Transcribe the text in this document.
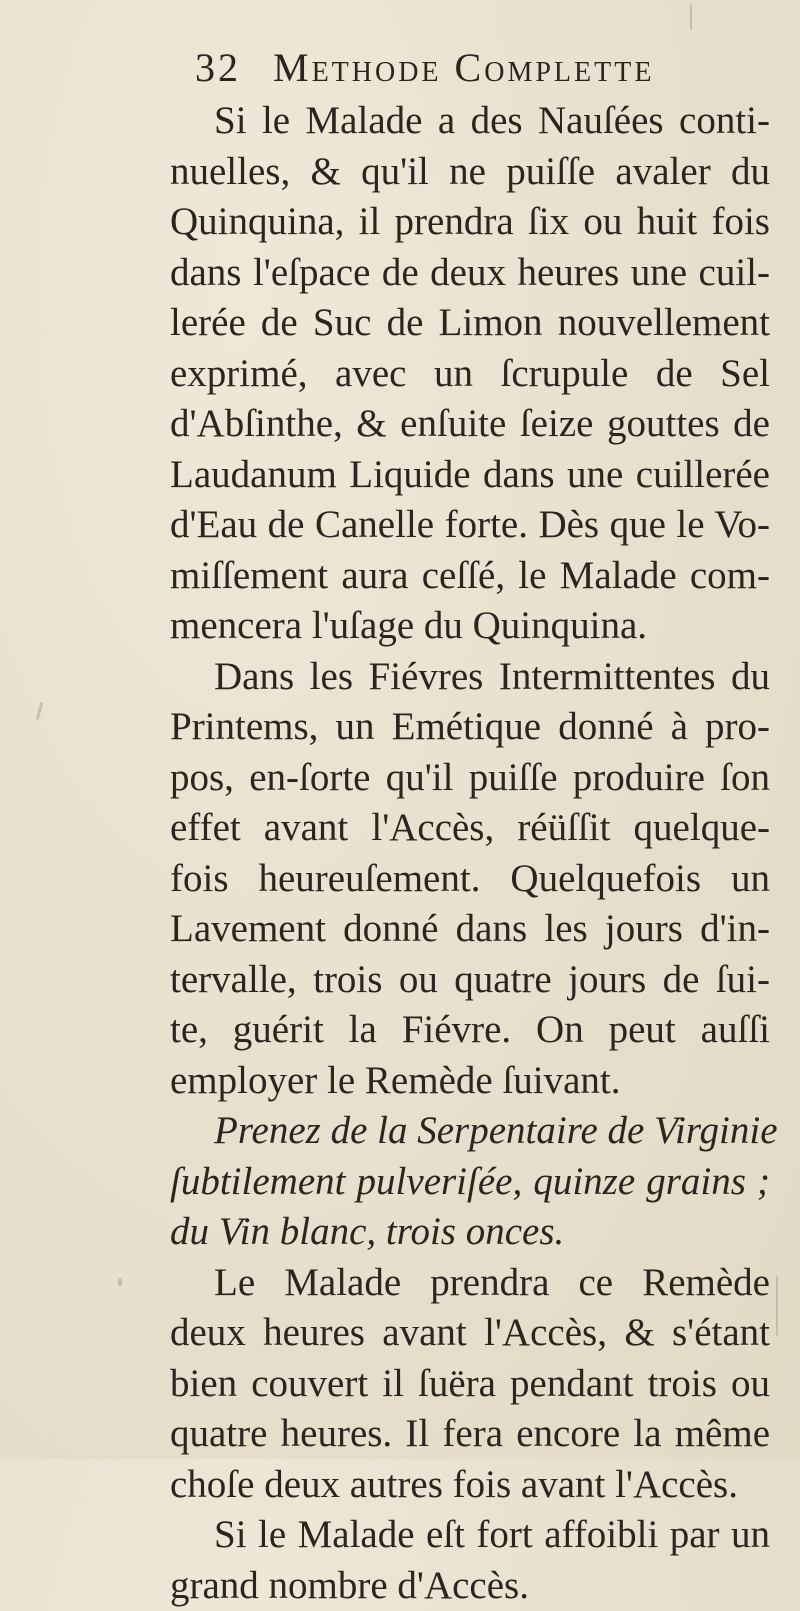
32 Methode Complette
Si le Malade a des Nauſées conti-
nuelles, & qu'il ne puiſſe avaler du
Quinquina, il prendra ſix ou huit fois
dans l'eſpace de deux heures une cuil-
lerée de Suc de Limon nouvellement
exprimé, avec un ſcrupule de Sel
d'Abſinthe, & enſuite ſeize gouttes de
Laudanum Liquide dans une cuillerée
d'Eau de Canelle forte. Dès que le Vo-
miſſement aura ceſſé, le Malade com-
mencera l'uſage du Quinquina.
Dans les Fiévres Intermittentes du
Printems, un Emétique donné à pro-
pos, en-ſorte qu'il puiſſe produire ſon
effet avant l'Accès, réüſſit quelque-
fois heureuſement. Quelquefois un
Lavement donné dans les jours d'in-
tervalle, trois ou quatre jours de ſui-
te, guérit la Fiévre. On peut auſſi
employer le Remède ſuivant.
Prenez de la Serpentaire de Virginie
ſubtilement pulveriſée, quinze grains ;
du Vin blanc, trois onces.
Le Malade prendra ce Remède
deux heures avant l'Accès, & s'étant
bien couvert il ſuëra pendant trois ou
quatre heures. Il fera encore la même
choſe deux autres fois avant l'Accès.
Si le Malade eſt fort affoibli par un
grand nombre d'Accès.
